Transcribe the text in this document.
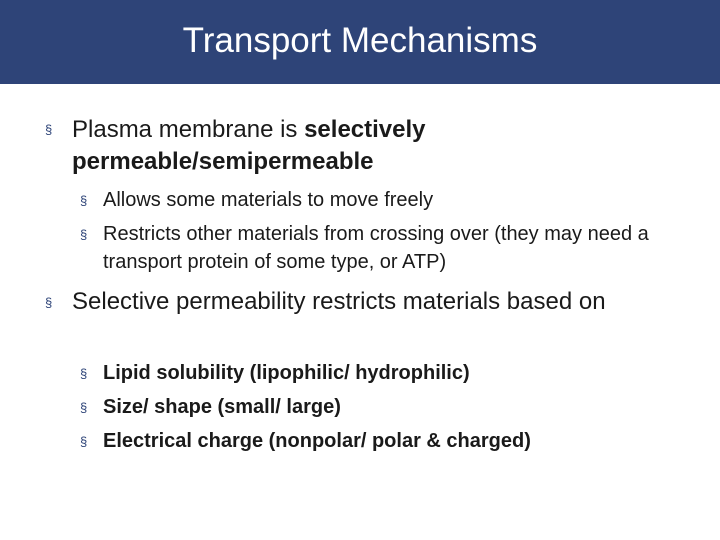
Transport Mechanisms
§ Plasma membrane is selectively permeable/semipermeable
§ Allows some materials to move freely
§ Restricts other materials from crossing over (they may need a transport protein of some type, or ATP)
§ Selective permeability restricts materials based on
§ Lipid solubility (lipophilic/ hydrophilic)
§ Size/ shape (small/ large)
§ Electrical charge (nonpolar/ polar & charged)
